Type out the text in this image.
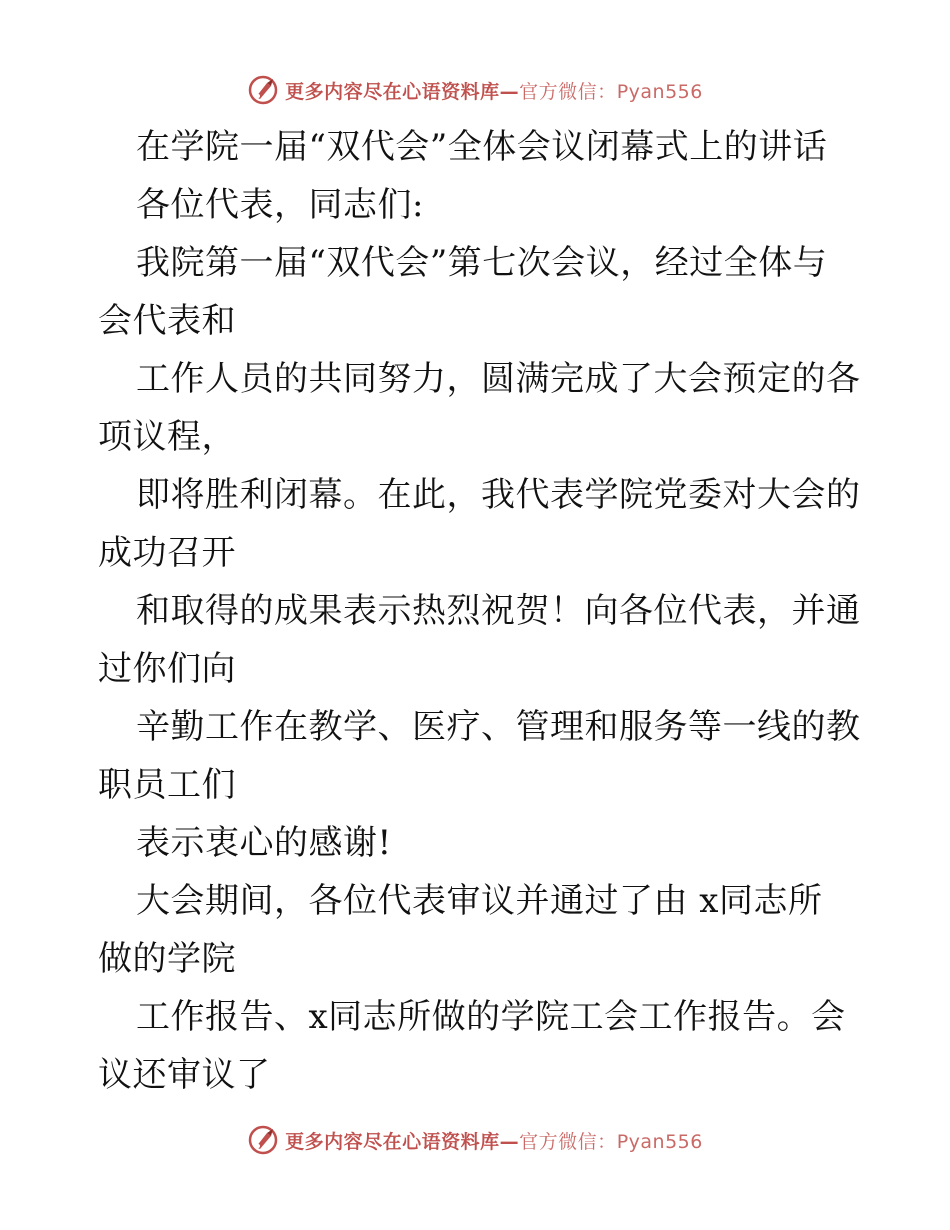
更多内容尽在心语资料库—官方微信：Pyan556
在学院一届“双代会”全体会议闭幕式上的讲话
各位代表，同志们:
我院第一届“双代会”第七次会议，经过全体与
会代表和
工作人员的共同努力，圆满完成了大会预定的各
项议程，
即将胜利闭幕。在此，我代表学院党委对大会的
成功召开
和取得的成果表示热烈祝贺！向各位代表，并通
过你们向
辛勤工作在教学、医疗、管理和服务等一线的教
职员工们
表示衷心的感谢!
大会期间，各位代表审议并通过了由 x同志所
做的学院
工作报告、x同志所做的学院工会工作报告。会
议还审议了
更多内容尽在心语资料库—官方微信：Pyan556
